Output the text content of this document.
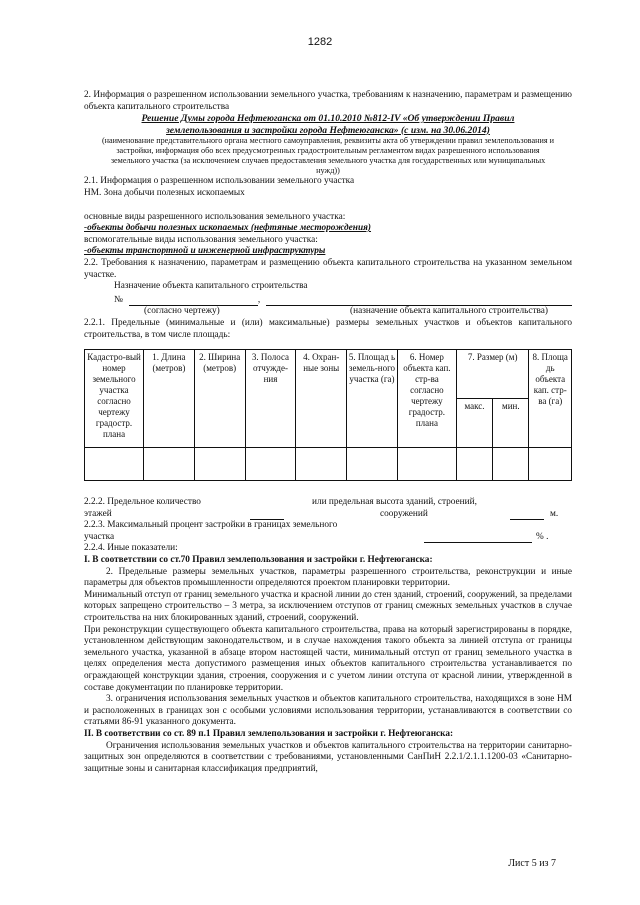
1282

2. Информация о разрешенном использовании земельного участка, требованиям к назначению, параметрам и размещению объекта капитального строительства

Решение Думы города Нефтеюганска от 01.10.2010 №812-IV «Об утверждении Правил

землепользования и застройки города Нефтеюганска» (с изм. на 30.06.2014)

(наименование представительного органа местного самоуправления, реквизиты акта об утверждении правил землепользования и застройки, информация обо всех предусмотренных градостроительным регламентом видах разрешенного использования земельного участка (за исключением случаев предоставления земельного участка для государственных или муниципальных нужд))

2.1. Информация о разрешенном использовании земельного участка

НМ. Зона добычи полезных ископаемых

основные виды разрешенного использования земельного участка:

-объекты добычи полезных ископаемых (нефтяные месторождения)

вспомогательные виды использования земельного участка:

-объекты транспортной и инженерной инфраструктуры

2.2. Требования к назначению, параметрам и размещению объекта капитального строительства на указанном земельном участке.

Назначение объекта капитального строительства

№	,
(согласно чертежу)	(назначение объекта капитального строительства)

2.2.1. Предельные (минимальные и (или) максимальные) размеры земельных участков и объектов капитального строительства, в том числе площадь:

Кадастро-вый номер земельного участка согласно чертежу градостр. плана	1. Длина (метров)	2. Ширина (метров)	3. Полоса отчужде-ния	4. Охран-ные зоны	5. Площад ь земель-ного участка (га)	6. Номер объекта кап. стр-ва согласно чертежу градостр. плана	7. Размер (м)		8. Площа дь объекта кап. стр-ва (га)
							макс.	мин.	

2.2.2. Предельное количество	или предельная высота зданий, строений,
этажей	сооружений	м.

2.2.3. Максимальный процент застройки в границах земельного

участка	% .

2.2.4. Иные показатели:

I. В соответствии со ст.70 Правил землепользования и застройки г. Нефтеюганска:

2. Предельные размеры земельных участков, параметры разрешенного строительства, реконструкции и иные параметры для объектов промышленности определяются проектом планировки территории.

Минимальный отступ от границ земельного участка и красной линии до стен зданий, строений, сооружений, за пределами которых запрещено строительство – 3 метра, за исключением отступов от границ смежных земельных участков в случае строительства на них блокированных зданий, строений, сооружений.

При реконструкции существующего объекта капитального строительства, права на который зарегистрированы в порядке, установленном действующим законодательством, и в случае нахождения такого объекта за линией отступа от границы земельного участка, указанной в абзаце втором настоящей части, минимальный отступ от границ земельного участка в целях определения места допустимого размещения иных объектов капитального строительства устанавливается по ограждающей конструкции здания, строения, сооружения и с учетом линии отступа от красной линии, утвержденной в составе документации по планировке территории.

3. ограничения использования земельных участков и объектов капитального строительства, находящихся в зоне НМ и расположенных в границах зон с особыми условиями использования территории, устанавливаются в соответствии со статьями 86-91 указанного документа.

II. В соответствии со ст. 89 п.1 Правил землепользования и застройки г. Нефтеюганска:

Ограничения использования земельных участков и объектов капитального строительства на территории санитарно-защитных зон определяются в соответствии с требованиями, установленными СанПиН 2.2.1/2.1.1.1200-03 «Санитарно-защитные зоны и санитарная классификация предприятий,

Лист 5 из 7
